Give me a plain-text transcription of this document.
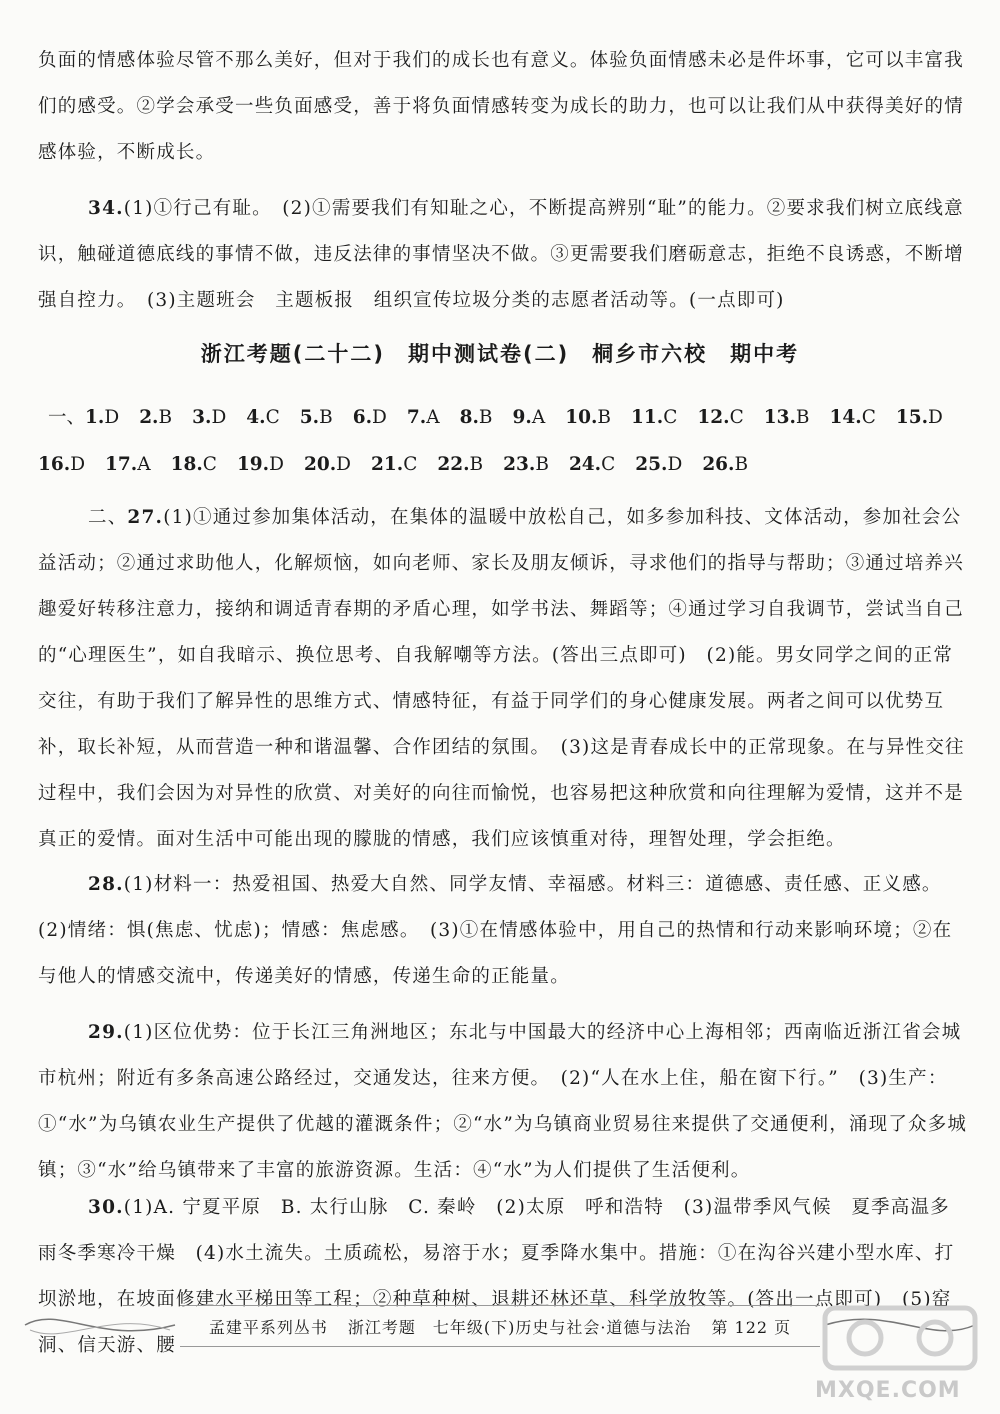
负面的情感体验尽管不那么美好，但对于我们的成长也有意义。体验负面情感未必是件坏事，它可以丰富我们的感受。②学会承受一些负面感受，善于将负面情感转变为成长的助力，也可以让我们从中获得美好的情感体验，不断成长。

34.(1)①行己有耻。　(2)①需要我们有知耻之心，不断提高辨别“耻”的能力。②要求我们树立底线意识，触碰道德底线的事情不做，违反法律的事情坚决不做。③更需要我们磨砺意志，拒绝不良诱惑，不断增强自控力。　(3)主题班会　主题板报　组织宣传垃圾分类的志愿者活动等。(一点即可)

浙江考题(二十二)　期中测试卷(二)　桐乡市六校　期中考
一、1.D 2.B 3.D 4.C 5.B 6.D 7.A 8.B 9.A 10.B 11.C 12.C 13.B 14.C 15.D
16.D 17.A 18.C 19.D 20.D 21.C 22.B 23.B 24.C 25.D 26.B

二、27.(1)①通过参加集体活动，在集体的温暖中放松自己，如多参加科技、文体活动，参加社会公益活动；②通过求助他人，化解烦恼，如向老师、家长及朋友倾诉，寻求他们的指导与帮助；③通过培养兴趣爱好转移注意力，接纳和调适青春期的矛盾心理，如学书法、舞蹈等；④通过学习自我调节，尝试当自己的“心理医生”，如自我暗示、换位思考、自我解嘲等方法。(答出三点即可)　(2)能。男女同学之间的正常交往，有助于我们了解异性的思维方式、情感特征，有益于同学们的身心健康发展。两者之间可以优势互补，取长补短，从而营造一种和谐温馨、合作团结的氛围。　(3)这是青春成长中的正常现象。在与异性交往过程中，我们会因为对异性的欣赏、对美好的向往而愉悦，也容易把这种欣赏和向往理解为爱情，这并不是真正的爱情。面对生活中可能出现的朦胧的情感，我们应该慎重对待，理智处理，学会拒绝。

28.(1)材料一：热爱祖国、热爱大自然、同学友情、幸福感。材料三：道德感、责任感、正义感。　(2)情绪：惧(焦虑、忧虑)；情感：焦虑感。　(3)①在情感体验中，用自己的热情和行动来影响环境；②在与他人的情感交流中，传递美好的情感，传递生命的正能量。

29.(1)区位优势：位于长江三角洲地区；东北与中国最大的经济中心上海相邻；西南临近浙江省会城市杭州；附近有多条高速公路经过，交通发达，往来方便。　(2)“人在水上住，船在窗下行。”　(3)生产：①“水”为乌镇农业生产提供了优越的灌溉条件；②“水”为乌镇商业贸易往来提供了交通便利，涌现了众多城镇；③“水”给乌镇带来了丰富的旅游资源。生活：④“水”为人们提供了生活便利。

30.(1)A. 宁夏平原　B. 太行山脉　C. 秦岭　(2)太原　呼和浩特　(3)温带季风气候　夏季高温多雨冬季寒冷干燥　(4)水土流失。土质疏松，易溶于水；夏季降水集中。措施：①在沟谷兴建小型水库、打坝淤地，在坡面修建水平梯田等工程；②种草种树、退耕还林还草、科学放牧等。(答出一点即可)　(5)窑洞、信天游、腰

孟建平系列丛书 浙江考题　七年级(下)历史与社会·道德与法治 第 122 页
MXQE.COM
